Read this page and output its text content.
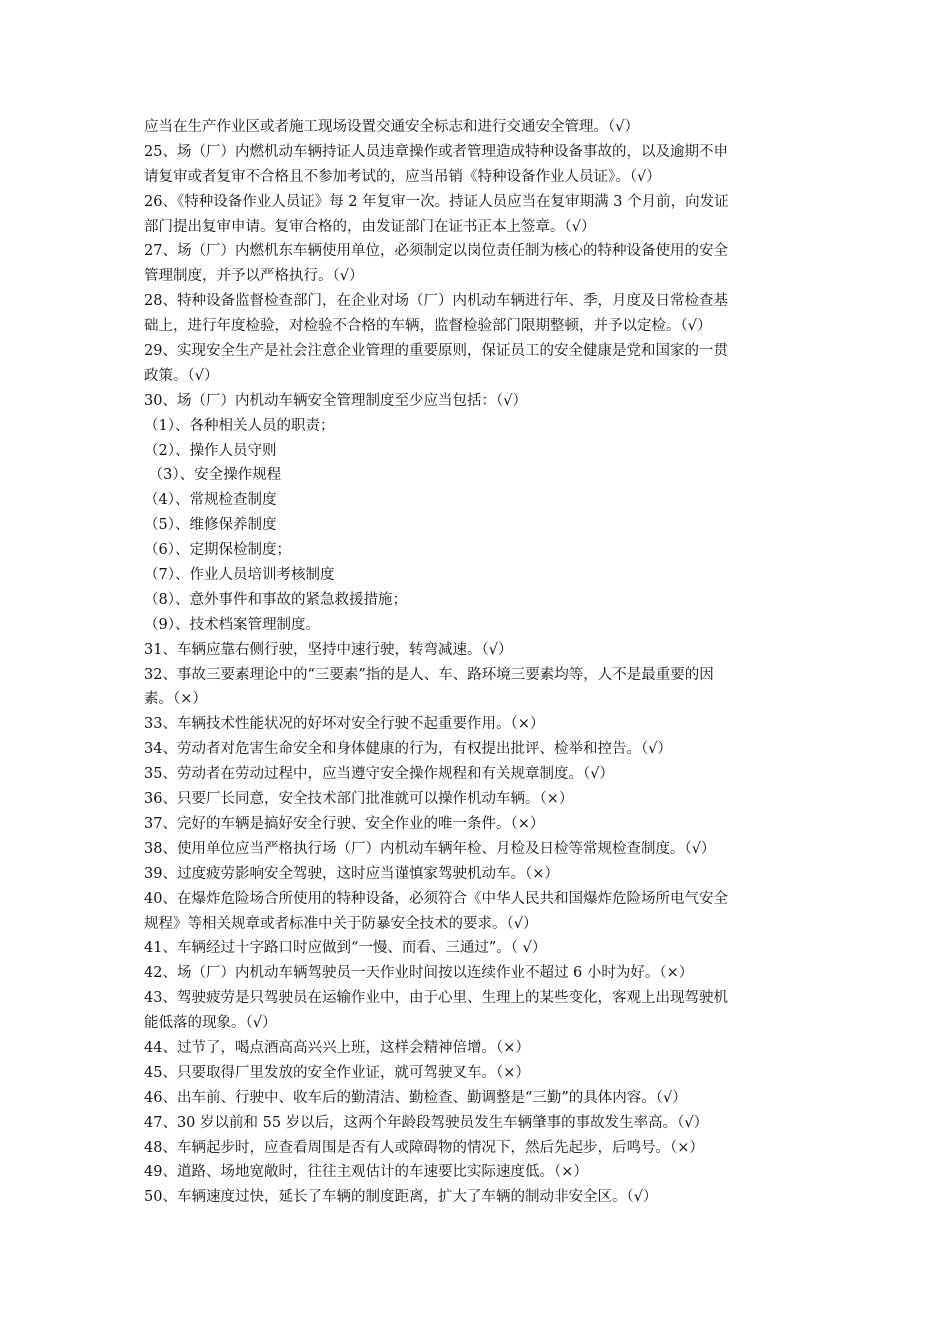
应当在生产作业区或者施工现场设置交通安全标志和进行交通安全管理。（√）
25、场（厂）内燃机动车辆持证人员违章操作或者管理造成特种设备事故的，以及逾期不申
请复审或者复审不合格且不参加考试的，应当吊销《特种设备作业人员证》。（√）
26、《特种设备作业人员证》每 2 年复审一次。持证人员应当在复审期满 3 个月前，向发证
部门提出复审申请。复审合格的，由发证部门在证书正本上签章。（√）
27、场（厂）内燃机东车辆使用单位，必须制定以岗位责任制为核心的特种设备使用的安全
管理制度，并予以严格执行。（√）
28、特种设备监督检查部门，在企业对场（厂）内机动车辆进行年、季，月度及日常检查基
础上，进行年度检验，对检验不合格的车辆，监督检验部门限期整顿，并予以定检。（√）
29、实现安全生产是社会注意企业管理的重要原则，保证员工的安全健康是党和国家的一贯
政策。（√）
30、场（厂）内机动车辆安全管理制度至少应当包括：（√）
（1）、各种相关人员的职责；
（2）、操作人员守则
（3）、安全操作规程
（4）、常规检查制度
（5）、维修保养制度
（6）、定期保检制度；
（7）、作业人员培训考核制度
（8）、意外事件和事故的紧急救援措施；
（9）、技术档案管理制度。
31、车辆应靠右侧行驶，坚持中速行驶，转弯减速。（√）
32、事故三要素理论中的“三要素”指的是人、车、路环境三要素均等，人不是最重要的因
素。（×）
33、车辆技术性能状况的好坏对安全行驶不起重要作用。（×）
34、劳动者对危害生命安全和身体健康的行为，有权提出批评、检举和控告。（√）
35、劳动者在劳动过程中，应当遵守安全操作规程和有关规章制度。（√）
36、只要厂长同意，安全技术部门批准就可以操作机动车辆。（×）
37、完好的车辆是搞好安全行驶、安全作业的唯一条件。（×）
38、使用单位应当严格执行场（厂）内机动车辆年检、月检及日检等常规检查制度。（√）
39、过度疲劳影响安全驾驶，这时应当谨慎家驾驶机动车。（×）
40、在爆炸危险场合所使用的特种设备，必须符合《中华人民共和国爆炸危险场所电气安全
规程》等相关规章或者标准中关于防暴安全技术的要求。（√）
41、车辆经过十字路口时应做到“一慢、而看、三通过”。（ √）
42、场（厂）内机动车辆驾驶员一天作业时间按以连续作业不超过 6 小时为好。（×）
43、驾驶疲劳是只驾驶员在运输作业中，由于心里、生理上的某些变化，客观上出现驾驶机
能低落的现象。（√）
44、过节了，喝点酒高高兴兴上班，这样会精神倍增。（×）
45、只要取得厂里发放的安全作业证，就可驾驶叉车。（×）
46、出车前、行驶中、收车后的勤清洁、勤检查、勤调整是“三勤”的具体内容。（√）
47、30 岁以前和 55 岁以后，这两个年龄段驾驶员发生车辆肇事的事故发生率高。（√）
48、车辆起步时，应查看周围是否有人或障碍物的情况下，然后先起步，后鸣号。（×）
49、道路、场地宽敞时，往往主观估计的车速要比实际速度低。（×）
50、车辆速度过快，延长了车辆的制度距离，扩大了车辆的制动非安全区。（√）
